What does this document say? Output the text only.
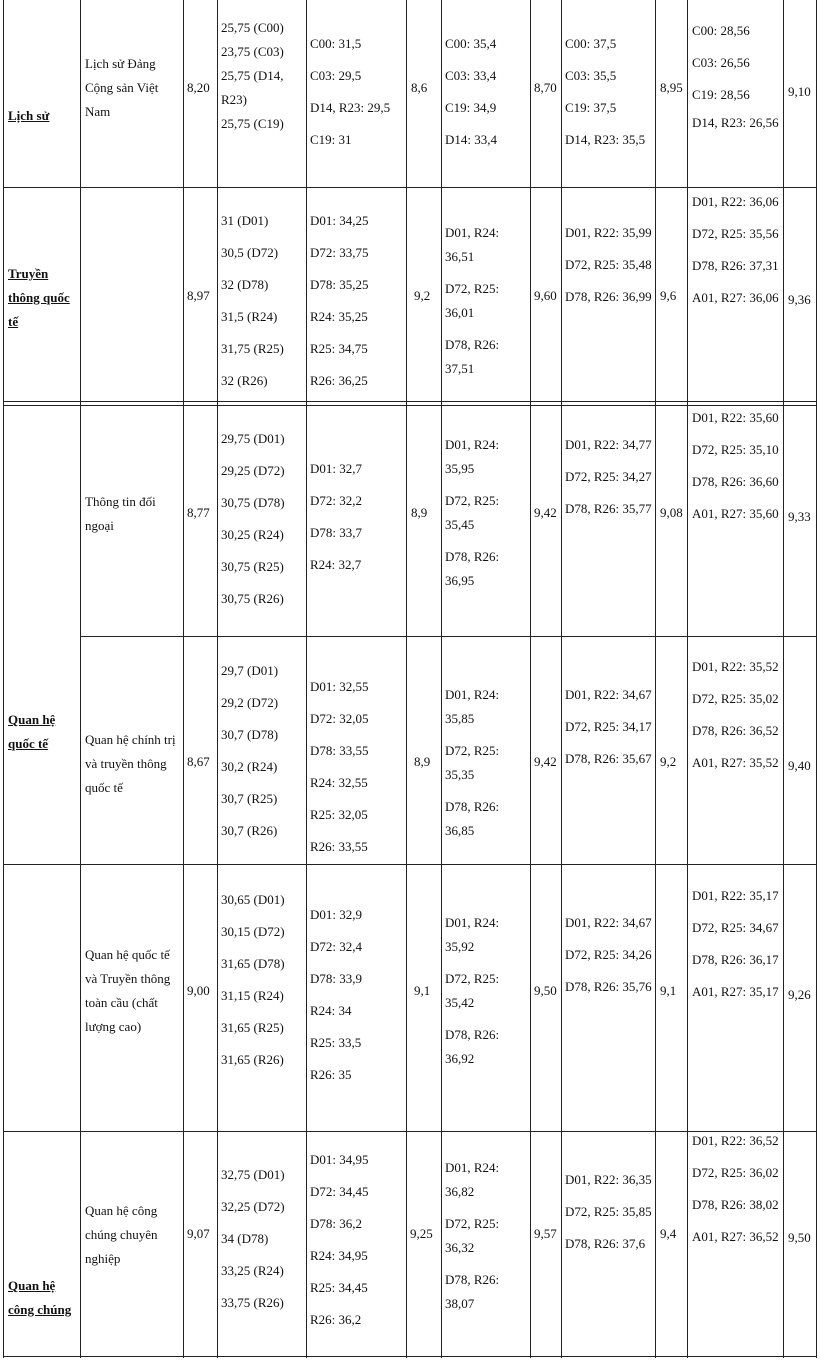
Lịch sử
Lịch sử Đảng Cộng sản Việt Nam
8,20

25,75 (C00)

23,75 (C03)

25,75 (D14, R23)

25,75 (C19)

C00: 31,5

C03: 29,5

D14, R23: 29,5

C19: 31

8,6

C00: 35,4

C03: 33,4

C19: 34,9

D14: 33,4

8,70

C00: 37,5

C03: 35,5

C19: 37,5

D14, R23: 35,5

8,95

C00: 28,56

C03: 26,56

C19: 28,56

D14, R23: 26,56

9,10
Truyền thông quốc tế
8,97

31 (D01)

30,5 (D72)

32 (D78)

31,5 (R24)

31,75 (R25)

32 (R26)

D01: 34,25

D72: 33,75

D78: 35,25

R24: 35,25

R25: 34,75

R26: 36,25

9,2

D01, R24: 36,51

D72, R25: 36,01

D78, R26: 37,51

9,60

D01, R22: 35,99

D72, R25: 35,48

D78, R26: 36,99 9,6

D01, R22: 36,06

D72, R25: 35,56

D78, R26: 37,31

A01, R27: 36,06 9,36
Thông tin đối ngoại
8,77

29,75 (D01)

29,25 (D72)

30,75 (D78)

30,25 (R24)

30,75 (R25)

30,75 (R26)

D01: 32,7

D72: 32,2

D78: 33,7

R24: 32,7

8,9

D01, R24: 35,95

D72, R25: 35,45

D78, R26: 36,95

9,42

D01, R22: 34,77

D72, R25: 34,27

D78, R26: 35,77 9,08

D01, R22: 35,60

D72, R25: 35,10

D78, R26: 36,60

A01, R27: 35,60 9,33
Quan hệ quốc tế	Quan hệ chính trị và truyền thông quốc tế
8,67

29,7 (D01)

29,2 (D72)

30,7 (D78)

30,2 (R24)

30,7 (R25)

30,7 (R26)

D01: 32,55

D72: 32,05

D78: 33,55

R24: 32,55

R25: 32,05

R26: 33,55

8,9

D01, R24: 35,85

D72, R25: 35,35

D78, R26: 36,85

9,42

D01, R22: 34,67

D72, R25: 34,17

D78, R26: 35,67 9,2

D01, R22: 35,52

D72, R25: 35,02

D78, R26: 36,52

A01, R27: 35,52 9,40
Quan hệ quốc tế và Truyền thông toàn cầu (chất lượng cao)
9,00

30,65 (D01)

30,15 (D72)

31,65 (D78)

31,15 (R24)

31,65 (R25)

31,65 (R26)

D01: 32,9

D72: 32,4

D78: 33,9

R24: 34

R25: 33,5

R26: 35

9,1

D01, R24: 35,92

D72, R25: 35,42

D78, R26: 36,92

9,50

D01, R22: 34,67

D72, R25: 34,26

D78, R26: 35,76 9,1

D01, R22: 35,17

D72, R25: 34,67

D78, R26: 36,17

A01, R27: 35,17 9,26
Quan hệ công chúng
Quan hệ công chúng chuyên nghiệp
9,07

32,75 (D01)

32,25 (D72)

34 (D78)

33,25 (R24)

33,75 (R26)

D01: 34,95

D72: 34,45

D78: 36,2

R24: 34,95

R25: 34,45

R26: 36,2

9,25

D01, R24: 36,82

D72, R25: 36,32

D78, R26: 38,07

9,57

D01, R22: 36,35

D72, R25: 35,85

D78, R26: 37,6

9,4

D01, R22: 36,52

D72, R25: 36,02

D78, R26: 38,02

A01, R27: 36,52 9,50
